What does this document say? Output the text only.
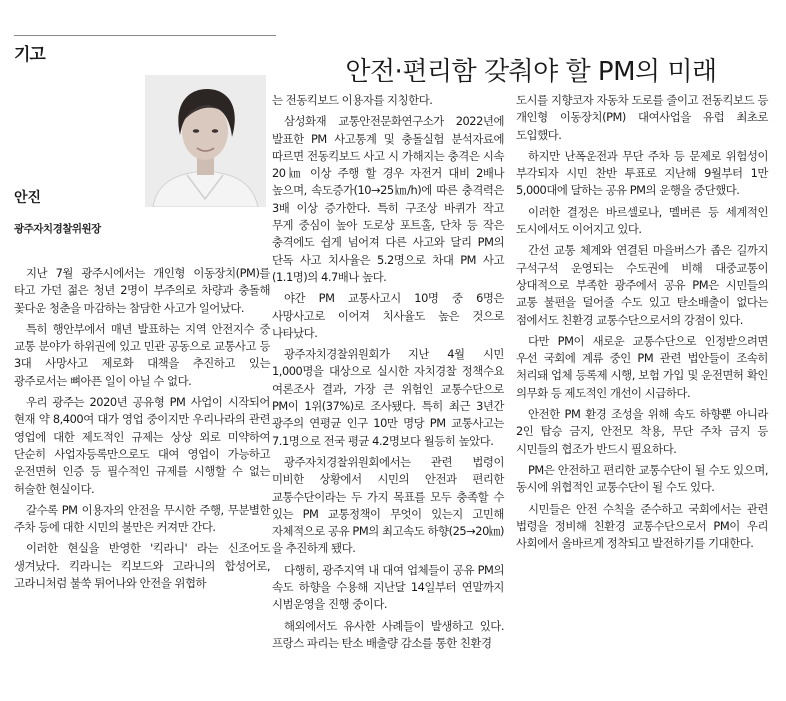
기고
안전·편리함 갖춰야 할 PM의 미래
안진
광주자치경찰위원장

지난 7월 광주시에서는 개인형 이동장치(PM)를 타고 가던 젊은 청년 2명이 부주의로 차량과 충돌해 꽃다운 청춘을 마감하는 참담한 사고가 일어났다.

특히 행안부에서 매년 발표하는 지역 안전지수 중 교통 분야가 하위권에 있고 민관 공동으로 교통사고 등 3대 사망사고 제로화 대책을 추진하고 있는 광주로서는 뼈아픈 일이 아닐 수 없다.

우리 광주는 2020년 공유형 PM 사업이 시작되어 현재 약 8,400여 대가 영업 중이지만 우리나라의 관련 영업에 대한 제도적인 규제는 상상 외로 미약하여 단순히 사업자등록만으로도 대여 영업이 가능하고 운전면허 인증 등 필수적인 규제를 시행할 수 없는 허술한 현실이다.

갈수록 PM 이용자의 안전을 무시한 주행, 무분별한 주차 등에 대한 시민의 불만은 커져만 간다.

이러한 현실을 반영한 '킥라니' 라는 신조어도 생겨났다. 킥라니는 킥보드와 고라니의 합성어로, 고라니처럼 불쑥 튀어나와 안전을 위협하

는 전동킥보드 이용자를 지칭한다.

삼성화재 교통안전문화연구소가 2022년에 발표한 PM 사고통계 및 충돌실험 분석자료에 따르면 전동킥보드 사고 시 가해지는 충격은 시속 20㎞ 이상 주행 할 경우 자전거 대비 2배나 높으며, 속도증가(10→25㎞/h)에 따른 충격력은 3배 이상 증가한다. 특히 구조상 바퀴가 작고 무게 중심이 높아 도로상 포트홀, 단차 등 작은 충격에도 쉽게 넘어져 다른 사고와 달리 PM의 단독 사고 치사율은 5.2명으로 차대 PM 사고(1.1명)의 4.7배나 높다.

야간 PM 교통사고시 10명 중 6명은 사망사고로 이어져 치사율도 높은 것으로 나타났다.

광주자치경찰위원회가 지난 4월 시민 1,000명을 대상으로 실시한 자치경찰 정책수요 여론조사 결과, 가장 큰 위험인 교통수단으로 PM이 1위(37%)로 조사됐다. 특히 최근 3년간 광주의 연평균 인구 10만 명당 PM 교통사고는 7.1명으로 전국 평균 4.2명보다 월등히 높았다.

광주자치경찰위원회에서는 관련 법령이 미비한 상황에서 시민의 안전과 편리한 교통수단이라는 두 가지 목표를 모두 충족할 수 있는 PM 교통정책이 무엇이 있는지 고민해 자체적으로 공유 PM의 최고속도 하향(25→20㎞)을 추진하게 됐다.

다행히, 광주지역 내 대여 업체들이 공유 PM의 속도 하향을 수용해 지난달 14일부터 연말까지 시범운영을 진행 중이다.

해외에서도 유사한 사례들이 발생하고 있다. 프랑스 파리는 탄소 배출량 감소를 통한 친환경

도시를 지향코자 자동차 도로를 줄이고 전동킥보드 등 개인형 이동장치(PM) 대여사업을 유럽 최초로 도입했다.

하지만 난폭운전과 무단 주차 등 문제로 위험성이 부각되자 시민 찬반 투표로 지난해 9월부터 1만 5,000대에 달하는 공유 PM의 운행을 중단했다.

이러한 결정은 바르셀로나, 멜버른 등 세계적인 도시에서도 이어지고 있다.

간선 교통 체계와 연결된 마을버스가 좁은 길까지 구석구석 운영되는 수도권에 비해 대중교통이 상대적으로 부족한 광주에서 공유 PM은 시민들의 교통 불편을 덜어줄 수도 있고 탄소배출이 없다는 점에서도 친환경 교통수단으로서의 강점이 있다.

다만 PM이 새로운 교통수단으로 인정받으려면 우선 국회에 계류 중인 PM 관련 법안들이 조속히 처리돼 업체 등록제 시행, 보험 가입 및 운전면허 확인 의무화 등 제도적인 개선이 시급하다.

안전한 PM 환경 조성을 위해 속도 하향뿐 아니라 2인 탑승 금지, 안전모 착용, 무단 주차 금지 등 시민들의 협조가 반드시 필요하다.

PM은 안전하고 편리한 교통수단이 될 수도 있으며, 동시에 위협적인 교통수단이 될 수도 있다.

시민들은 안전 수칙을 준수하고 국회에서는 관련 법령을 정비해 친환경 교통수단으로서 PM이 우리 사회에서 올바르게 정착되고 발전하기를 기대한다.
